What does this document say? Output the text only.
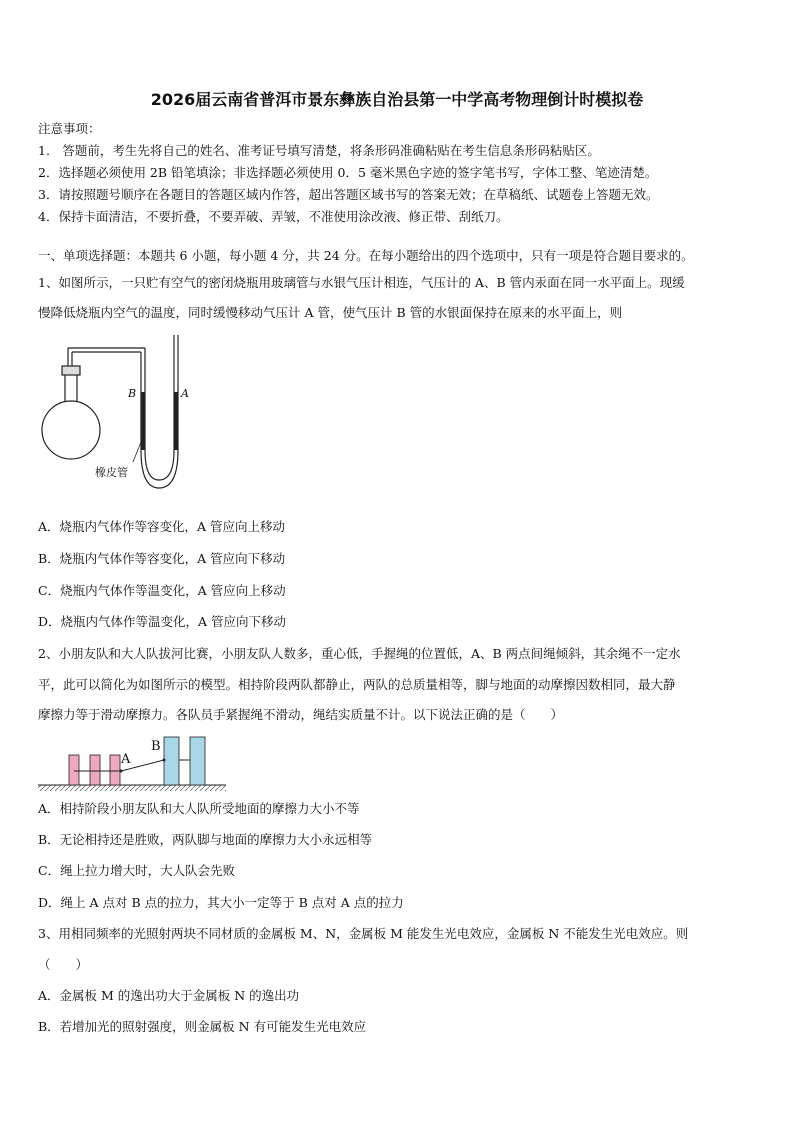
2026届云南省普洱市景东彝族自治县第一中学高考物理倒计时模拟卷
注意事项：
1.　答题前，考生先将自己的姓名、准考证号填写清楚，将条形码准确粘贴在考生信息条形码粘贴区。
2．选择题必须使用 2B 铅笔填涂；非选择题必须使用 0．5 毫米黑色字迹的签字笔书写，字体工整、笔迹清楚。
3．请按照题号顺序在各题目的答题区域内作答，超出答题区域书写的答案无效；在草稿纸、试题卷上答题无效。
4．保持卡面清洁，不要折叠，不要弄破、弄皱，不准使用涂改液、修正带、刮纸刀。
一、单项选择题：本题共 6 小题，每小题 4 分，共 24 分。在每小题给出的四个选项中，只有一项是符合题目要求的。
1、如图所示，一只贮有空气的密闭烧瓶用玻璃管与水银气压计相连，气压计的 A、B 管内汞面在同一水平面上。现缓
慢降低烧瓶内空气的温度，同时缓慢移动气压计 A 管，使气压计 B 管的水银面保持在原来的水平面上，则
B	A
橡皮管
A．烧瓶内气体作等容变化，A 管应向上移动
B．烧瓶内气体作等容变化，A 管应向下移动
C．烧瓶内气体作等温变化，A 管应向上移动
D．烧瓶内气体作等温变化，A 管应向下移动
2、小朋友队和大人队拔河比赛，小朋友队人数多，重心低，手握绳的位置低，A、B 两点间绳倾斜，其余绳不一定水
平，此可以简化为如图所示的模型。相持阶段两队都静止，两队的总质量相等，脚与地面的动摩擦因数相同，最大静
摩擦力等于滑动摩擦力。各队员手紧握绳不滑动，绳结实质量不计。以下说法正确的是（　　）
A
B
A．相持阶段小朋友队和大人队所受地面的摩擦力大小不等
B．无论相持还是胜败，两队脚与地面的摩擦力大小永远相等
C．绳上拉力增大时，大人队会先败
D．绳上 A 点对 B 点的拉力，其大小一定等于 B 点对 A 点的拉力
3、用相同频率的光照射两块不同材质的金属板 M、N，金属板 M 能发生光电效应，金属板 N 不能发生光电效应。则
（　　）
A．金属板 M 的逸出功大于金属板 N 的逸出功
B．若增加光的照射强度，则金属板 N 有可能发生光电效应
